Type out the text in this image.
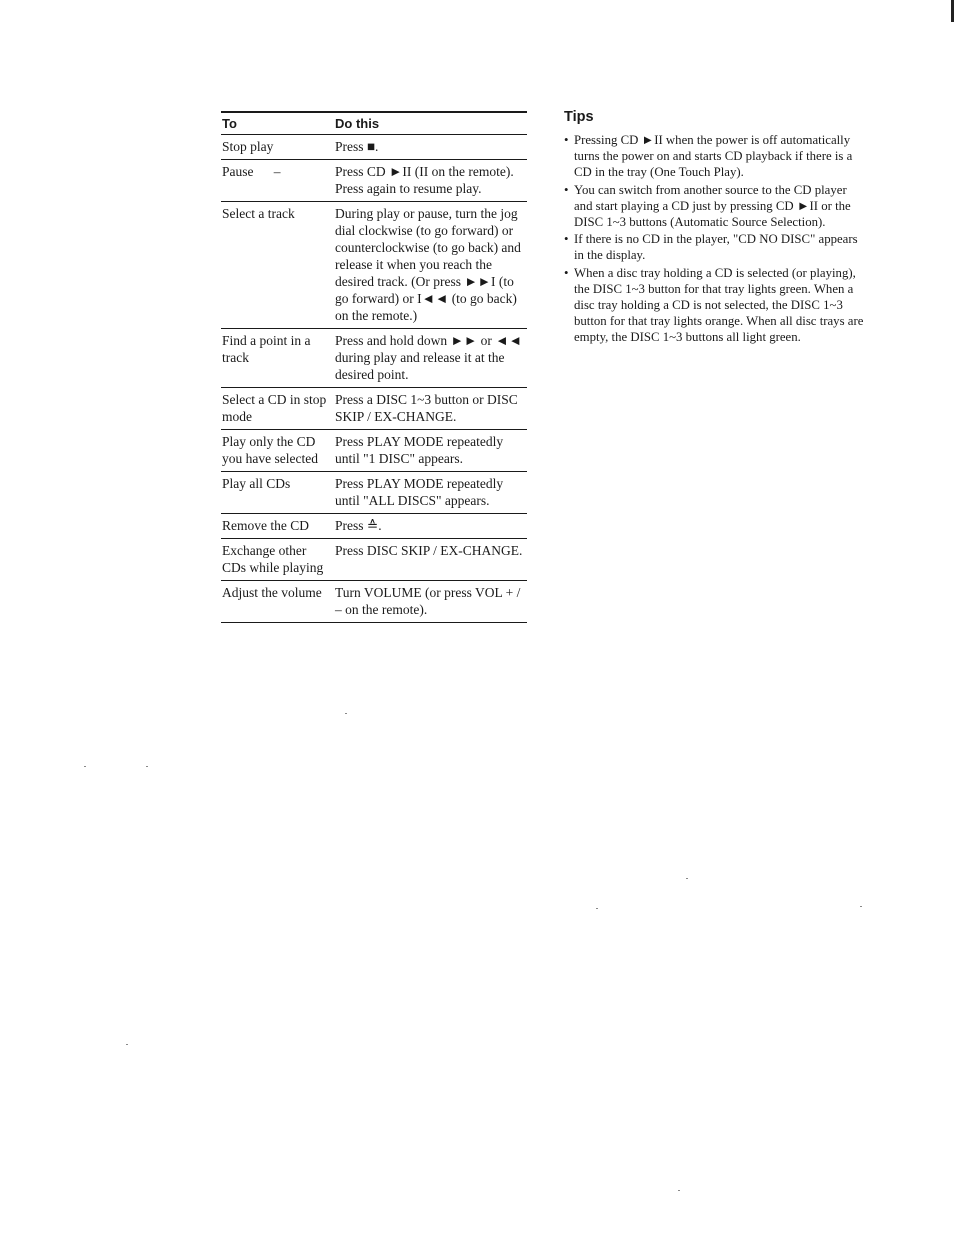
To	Do this
Stop play	Press ■.
Pause      –	Press CD ►II (II on the remote). Press again to resume play.
Select a track	During play or pause, turn the jog dial clockwise (to go forward) or counterclockwise (to go back) and release it when you reach the desired track. (Or press ►►I (to go forward) or I◄◄ (to go back) on the remote.)
Find a point in a track	Press and hold down ►► or ◄◄ during play and release it at the desired point.
Select a CD in stop mode	Press a DISC 1~3 button or DISC SKIP / EX-CHANGE.
Play only the CD you have selected	Press PLAY MODE repeatedly until "1 DISC" appears.
Play all CDs	Press PLAY MODE repeatedly until "ALL DISCS" appears.
Remove the CD	Press ≙.
Exchange other CDs while playing	Press DISC SKIP / EX-CHANGE.
Adjust the volume	Turn VOLUME (or press VOL + / – on the remote).
Tips
• Pressing CD ►II when the power is off automatically turns the power on and starts CD playback if there is a CD in the tray (One Touch Play).
• You can switch from another source to the CD player and start playing a CD just by pressing CD ►II or the DISC 1~3 buttons (Automatic Source Selection).
• If there is no CD in the player, "CD NO DISC" appears in the display.
• When a disc tray holding a CD is selected (or playing), the DISC 1~3 button for that tray lights green. When a disc tray holding a CD is not selected, the DISC 1~3 button for that tray lights orange. When all disc trays are empty, the DISC 1~3 buttons all light green.
